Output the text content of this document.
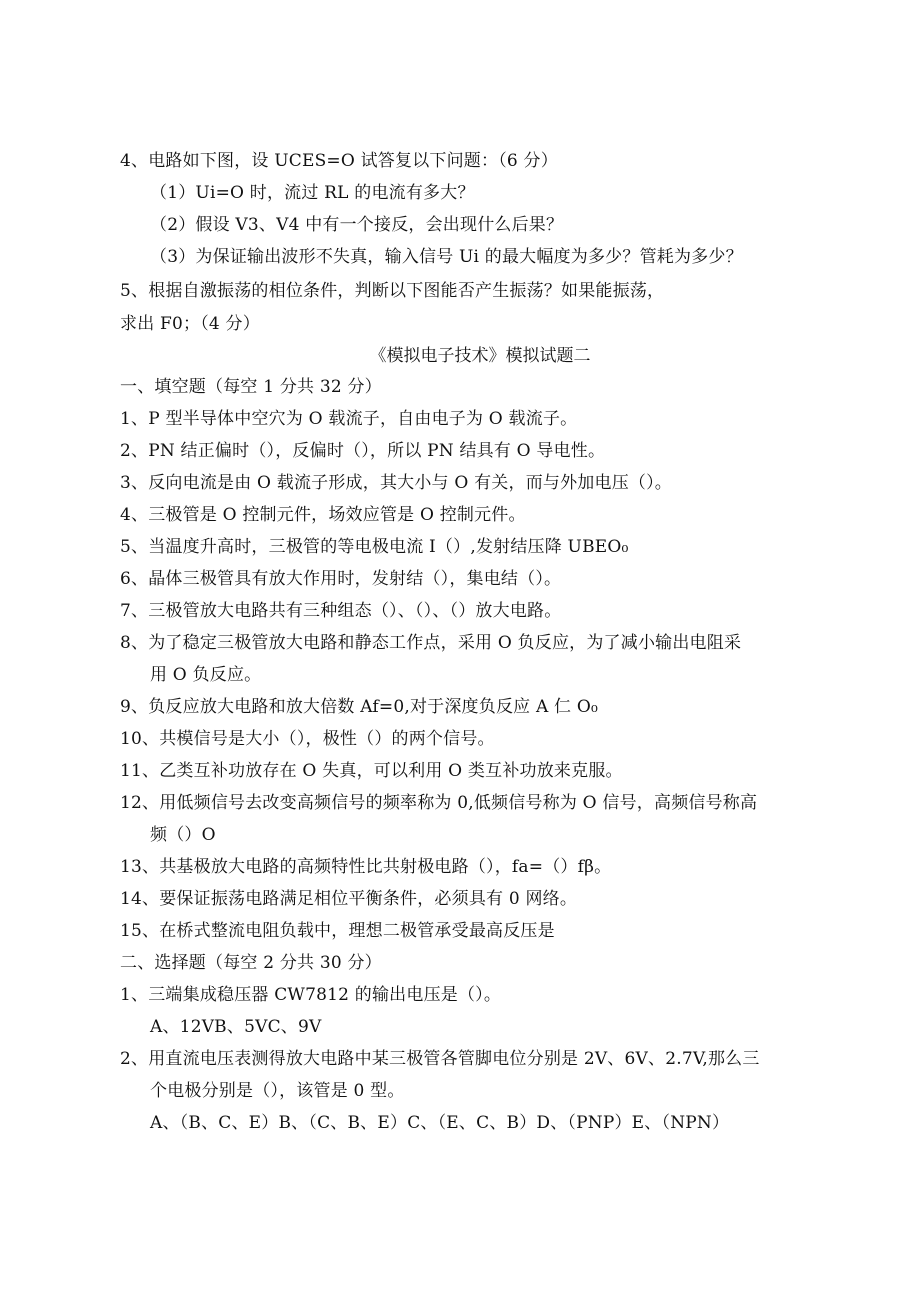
4、电路如下图，设 UCES=O 试答复以下问题：（6 分）
（1）Ui=O 时，流过 RL 的电流有多大？
（2）假设 V3、V4 中有一个接反，会出现什么后果？
（3）为保证输出波形不失真，输入信号 Ui 的最大幅度为多少？管耗为多少？
5、根据自激振荡的相位条件，判断以下图能否产生振荡？如果能振荡，
求出 F0；（4 分）
《模拟电子技术》模拟试题二
一、填空题（每空 1 分共 32 分）
1、P 型半导体中空穴为 O 载流子，自由电子为 O 载流子。
2、PN 结正偏时（），反偏时（），所以 PN 结具有 O 导电性。
3、反向电流是由 O 载流子形成，其大小与 O 有关，而与外加电压（）。
4、三极管是 O 控制元件，场效应管是 O 控制元件。
5、当温度升高时，三极管的等电极电流 I（）,发射结压降 UBEO₀
6、晶体三极管具有放大作用时，发射结（），集电结（）。
7、三极管放大电路共有三种组态（）、（）、（）放大电路。
8、为了稳定三极管放大电路和静态工作点，采用 O 负反应，为了减小输出电阻采
用 O 负反应。
9、负反应放大电路和放大倍数 Af=0,对于深度负反应 A 仁 O₀
10、共模信号是大小（），极性（）的两个信号。
11、乙类互补功放存在 O 失真，可以利用 O 类互补功放来克服。
12、用低频信号去改变高频信号的频率称为 0,低频信号称为 O 信号，高频信号称高
频（）O
13、共基极放大电路的高频特性比共射极电路（），fa=（）fβ。
14、要保证振荡电路满足相位平衡条件，必须具有 0 网络。
15、在桥式整流电阻负载中，理想二极管承受最高反压是
二、选择题（每空 2 分共 30 分）
1、三端集成稳压器 CW7812 的输出电压是（）。
A、12VB、5VC、9V
2、用直流电压表测得放大电路中某三极管各管脚电位分别是 2V、6V、2.7V,那么三
个电极分别是（），该管是 0 型。
A、（B、C、E）B、（C、B、E）C、（E、C、B）D、（PNP）E、（NPN）
